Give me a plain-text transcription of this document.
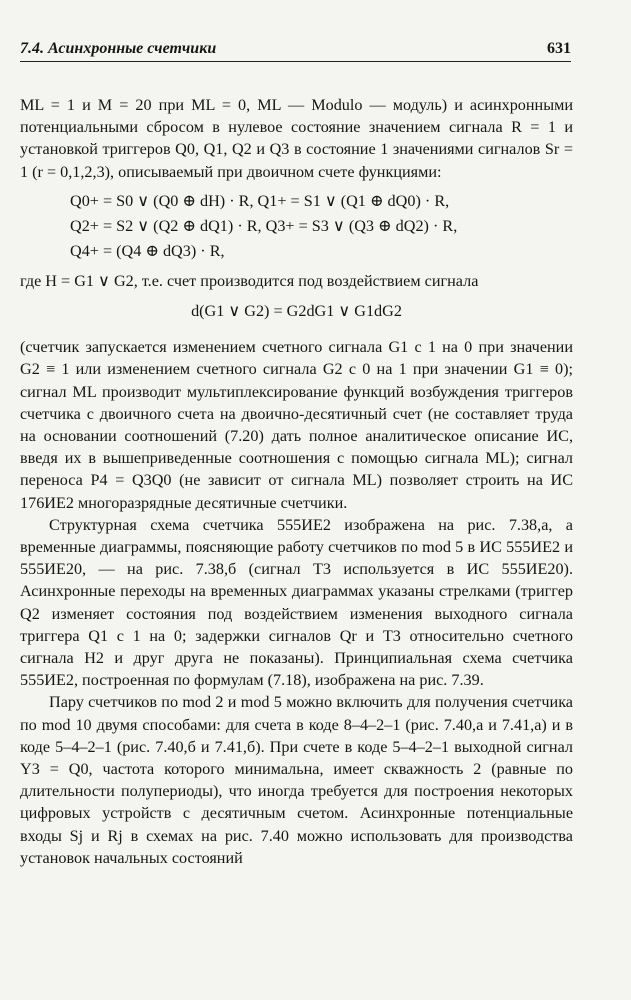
7.4. Асинхронные счетчики	631

ML = 1 и M = 20 при ML = 0, ML — Modulo — модуль) и асинхронными потенциальными сбросом в нулевое состояние значением сигнала R = 1 и установкой триггеров Q0, Q1, Q2 и Q3 в состояние 1 значениями сигналов Sr = 1 (r = 0,1,2,3), описываемый при двоичном счете функциями:

Q0+ = S0 ∨ (Q0 ⊕ dH) · R, Q1+ = S1 ∨ (Q1 ⊕ dQ0) · R,
Q2+ = S2 ∨ (Q2 ⊕ dQ1) · R, Q3+ = S3 ∨ (Q3 ⊕ dQ2) · R,
Q4+ = (Q4 ⊕ dQ3) · R,

где H = G1 ∨ G2, т.е. счет производится под воздействием сигнала

d(G1 ∨ G2) = G2dG1 ∨ G1dG2

(счетчик запускается изменением счетного сигнала G1 с 1 на 0 при значении G2 ≡ 1 или изменением счетного сигнала G2 с 0 на 1 при значении G1 ≡ 0); сигнал ML производит мультиплексирование функций возбуждения триггеров счетчика с двоичного счета на двоично-десятичный счет (не составляет труда на основании соотношений (7.20) дать полное аналитическое описание ИС, введя их в вышеприведенные соотношения с помощью сигнала ML); сигнал переноса P4 = Q3Q0 (не зависит от сигнала ML) позволяет строить на ИС 176ИЕ2 многоразрядные десятичные счетчики.

Структурная схема счетчика 555ИЕ2 изображена на рис. 7.38,а, а временные диаграммы, поясняющие работу счетчиков по mod 5 в ИС 555ИЕ2 и 555ИЕ20, — на рис. 7.38,б (сигнал T3 используется в ИС 555ИЕ20). Асинхронные переходы на временных диаграммах указаны стрелками (триггер Q2 изменяет состояния под воздействием изменения выходного сигнала триггера Q1 с 1 на 0; задержки сигналов Qr и T3 относительно счетного сигнала H2 и друг друга не показаны). Принципиальная схема счетчика 555ИЕ2, построенная по формулам (7.18), изображена на рис. 7.39.

Пару счетчиков по mod 2 и mod 5 можно включить для получения счетчика по mod 10 двумя способами: для счета в коде 8–4–2–1 (рис. 7.40,а и 7.41,а) и в коде 5–4–2–1 (рис. 7.40,б и 7.41,б). При счете в коде 5–4–2–1 выходной сигнал Y3 = Q0, частота которого минимальна, имеет скважность 2 (равные по длительности полупериоды), что иногда требуется для построения некоторых цифровых устройств с десятичным счетом. Асинхронные потенциальные входы Sj и Rj в схемах на рис. 7.40 можно использовать для производства установок начальных состояний
